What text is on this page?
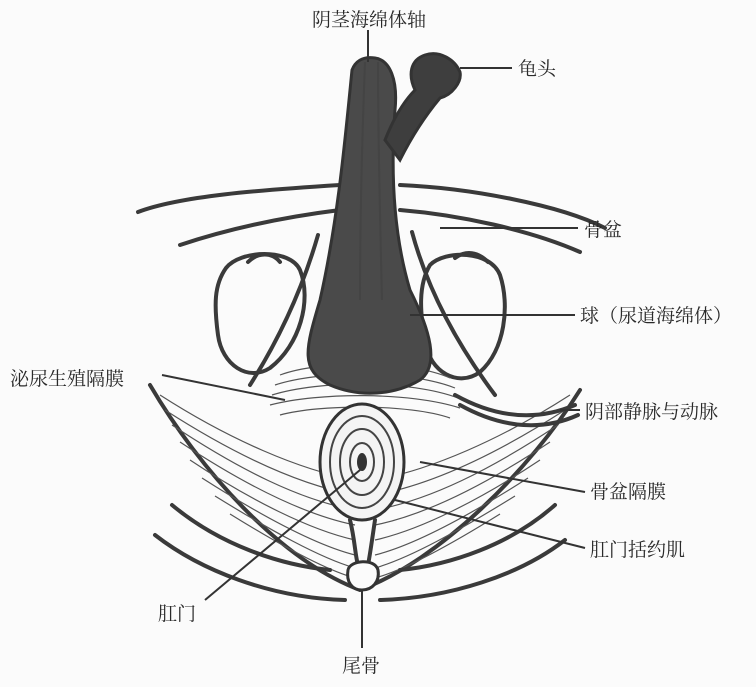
阴茎海绵体轴
龟头
骨盆
球（尿道海绵体）
泌尿生殖隔膜
阴部静脉与动脉
骨盆隔膜
肛门括约肌
肛门
尾骨
